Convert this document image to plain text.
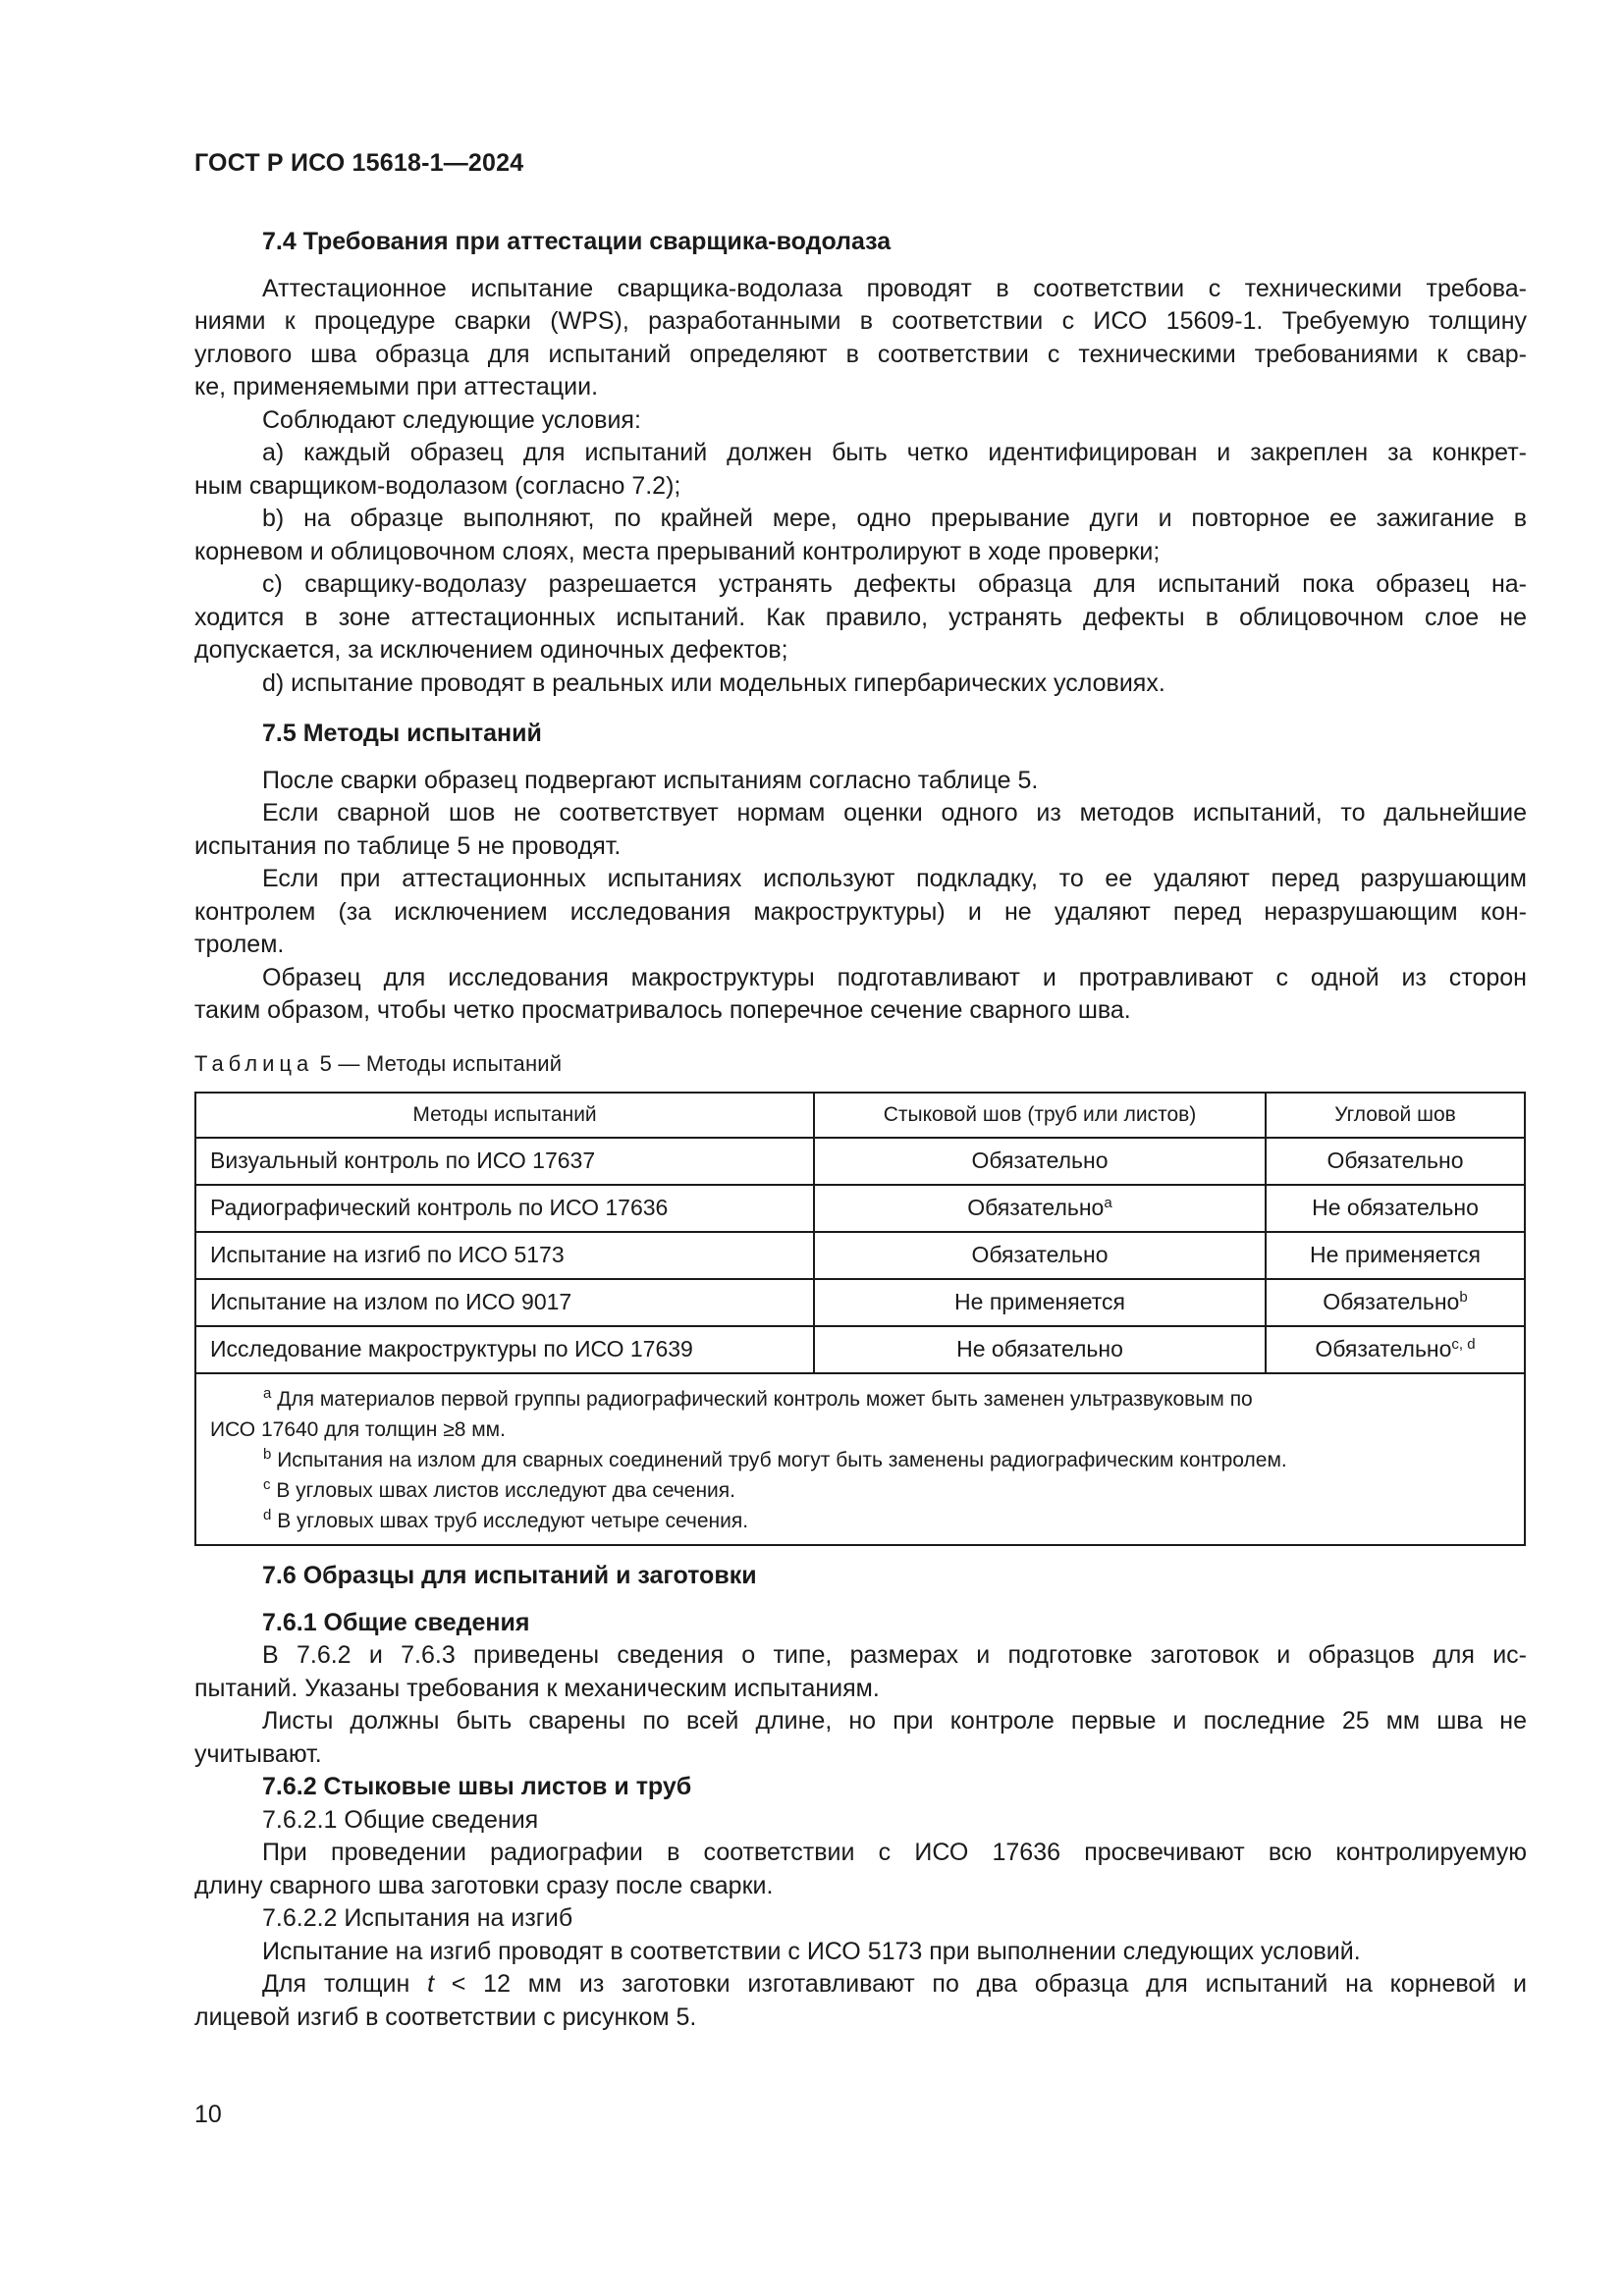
ГОСТ Р ИСО 15618-1—2024

7.4 Требования при аттестации сварщика-водолаза

Аттестационное испытание сварщика-водолаза проводят в соответствии с техническими требова-

ниями к процедуре сварки (WPS), разработанными в соответствии с ИСО 15609-1. Требуемую толщину

углового шва образца для испытаний определяют в соответствии с техническими требованиями к свар-

ке, применяемыми при аттестации.

Соблюдают следующие условия:

a) каждый образец для испытаний должен быть четко идентифицирован и закреплен за конкрет-

ным сварщиком-водолазом (согласно 7.2);

b) на образце выполняют, по крайней мере, одно прерывание дуги и повторное ее зажигание в

корневом и облицовочном слоях, места прерываний контролируют в ходе проверки;

c) сварщику-водолазу разрешается устранять дефекты образца для испытаний пока образец на-

ходится в зоне аттестационных испытаний. Как правило, устранять дефекты в облицовочном слое не

допускается, за исключением одиночных дефектов;

d) испытание проводят в реальных или модельных гипербарических условиях.

7.5 Методы испытаний

После сварки образец подвергают испытаниям согласно таблице 5.

Если сварной шов не соответствует нормам оценки одного из методов испытаний, то дальнейшие

испытания по таблице 5 не проводят.

Если при аттестационных испытаниях используют подкладку, то ее удаляют перед разрушающим

контролем (за исключением исследования макроструктуры) и не удаляют перед неразрушающим кон-

тролем.

Образец для исследования макроструктуры подготавливают и протравливают с одной из сторон

таким образом, чтобы четко просматривалось поперечное сечение сварного шва.

Таблица 5 — Методы испытаний

Методы испытаний	Стыковой шов (труб или листов)	Угловой шов
Визуальный контроль по ИСО 17637	Обязательно	Обязательно
Радиографический контроль по ИСО 17636	Обязательно$^a$	Не обязательно
Испытание на изгиб по ИСО 5173	Обязательно	Не применяется
Испытание на излом по ИСО 9017	Не применяется	Обязательно$^b$
Исследование макроструктуры по ИСО 17639	Не обязательно	Обязательно$^{c, d}$

$^a$ Для материалов первой группы радиографический контроль может быть заменен ультразвуковым по

ИСО 17640 для толщин ≥8 мм.

$^b$ Испытания на излом для сварных соединений труб могут быть заменены радиографическим контролем.

$^c$ В угловых швах листов исследуют два сечения.

$^d$ В угловых швах труб исследуют четыре сечения.		

7.6 Образцы для испытаний и заготовки

7.6.1 Общие сведения

В 7.6.2 и 7.6.3 приведены сведения о типе, размерах и подготовке заготовок и образцов для ис-

пытаний. Указаны требования к механическим испытаниям.

Листы должны быть сварены по всей длине, но при контроле первые и последние 25 мм шва не

учитывают.

7.6.2 Стыковые швы листов и труб

7.6.2.1 Общие сведения

При проведении радиографии в соответствии с ИСО 17636 просвечивают всю контролируемую

длину сварного шва заготовки сразу после сварки.

7.6.2.2 Испытания на изгиб

Испытание на изгиб проводят в соответствии с ИСО 5173 при выполнении следующих условий.

Для толщин t < 12 мм из заготовки изготавливают по два образца для испытаний на корневой и

лицевой изгиб в соответствии с рисунком 5.

10
